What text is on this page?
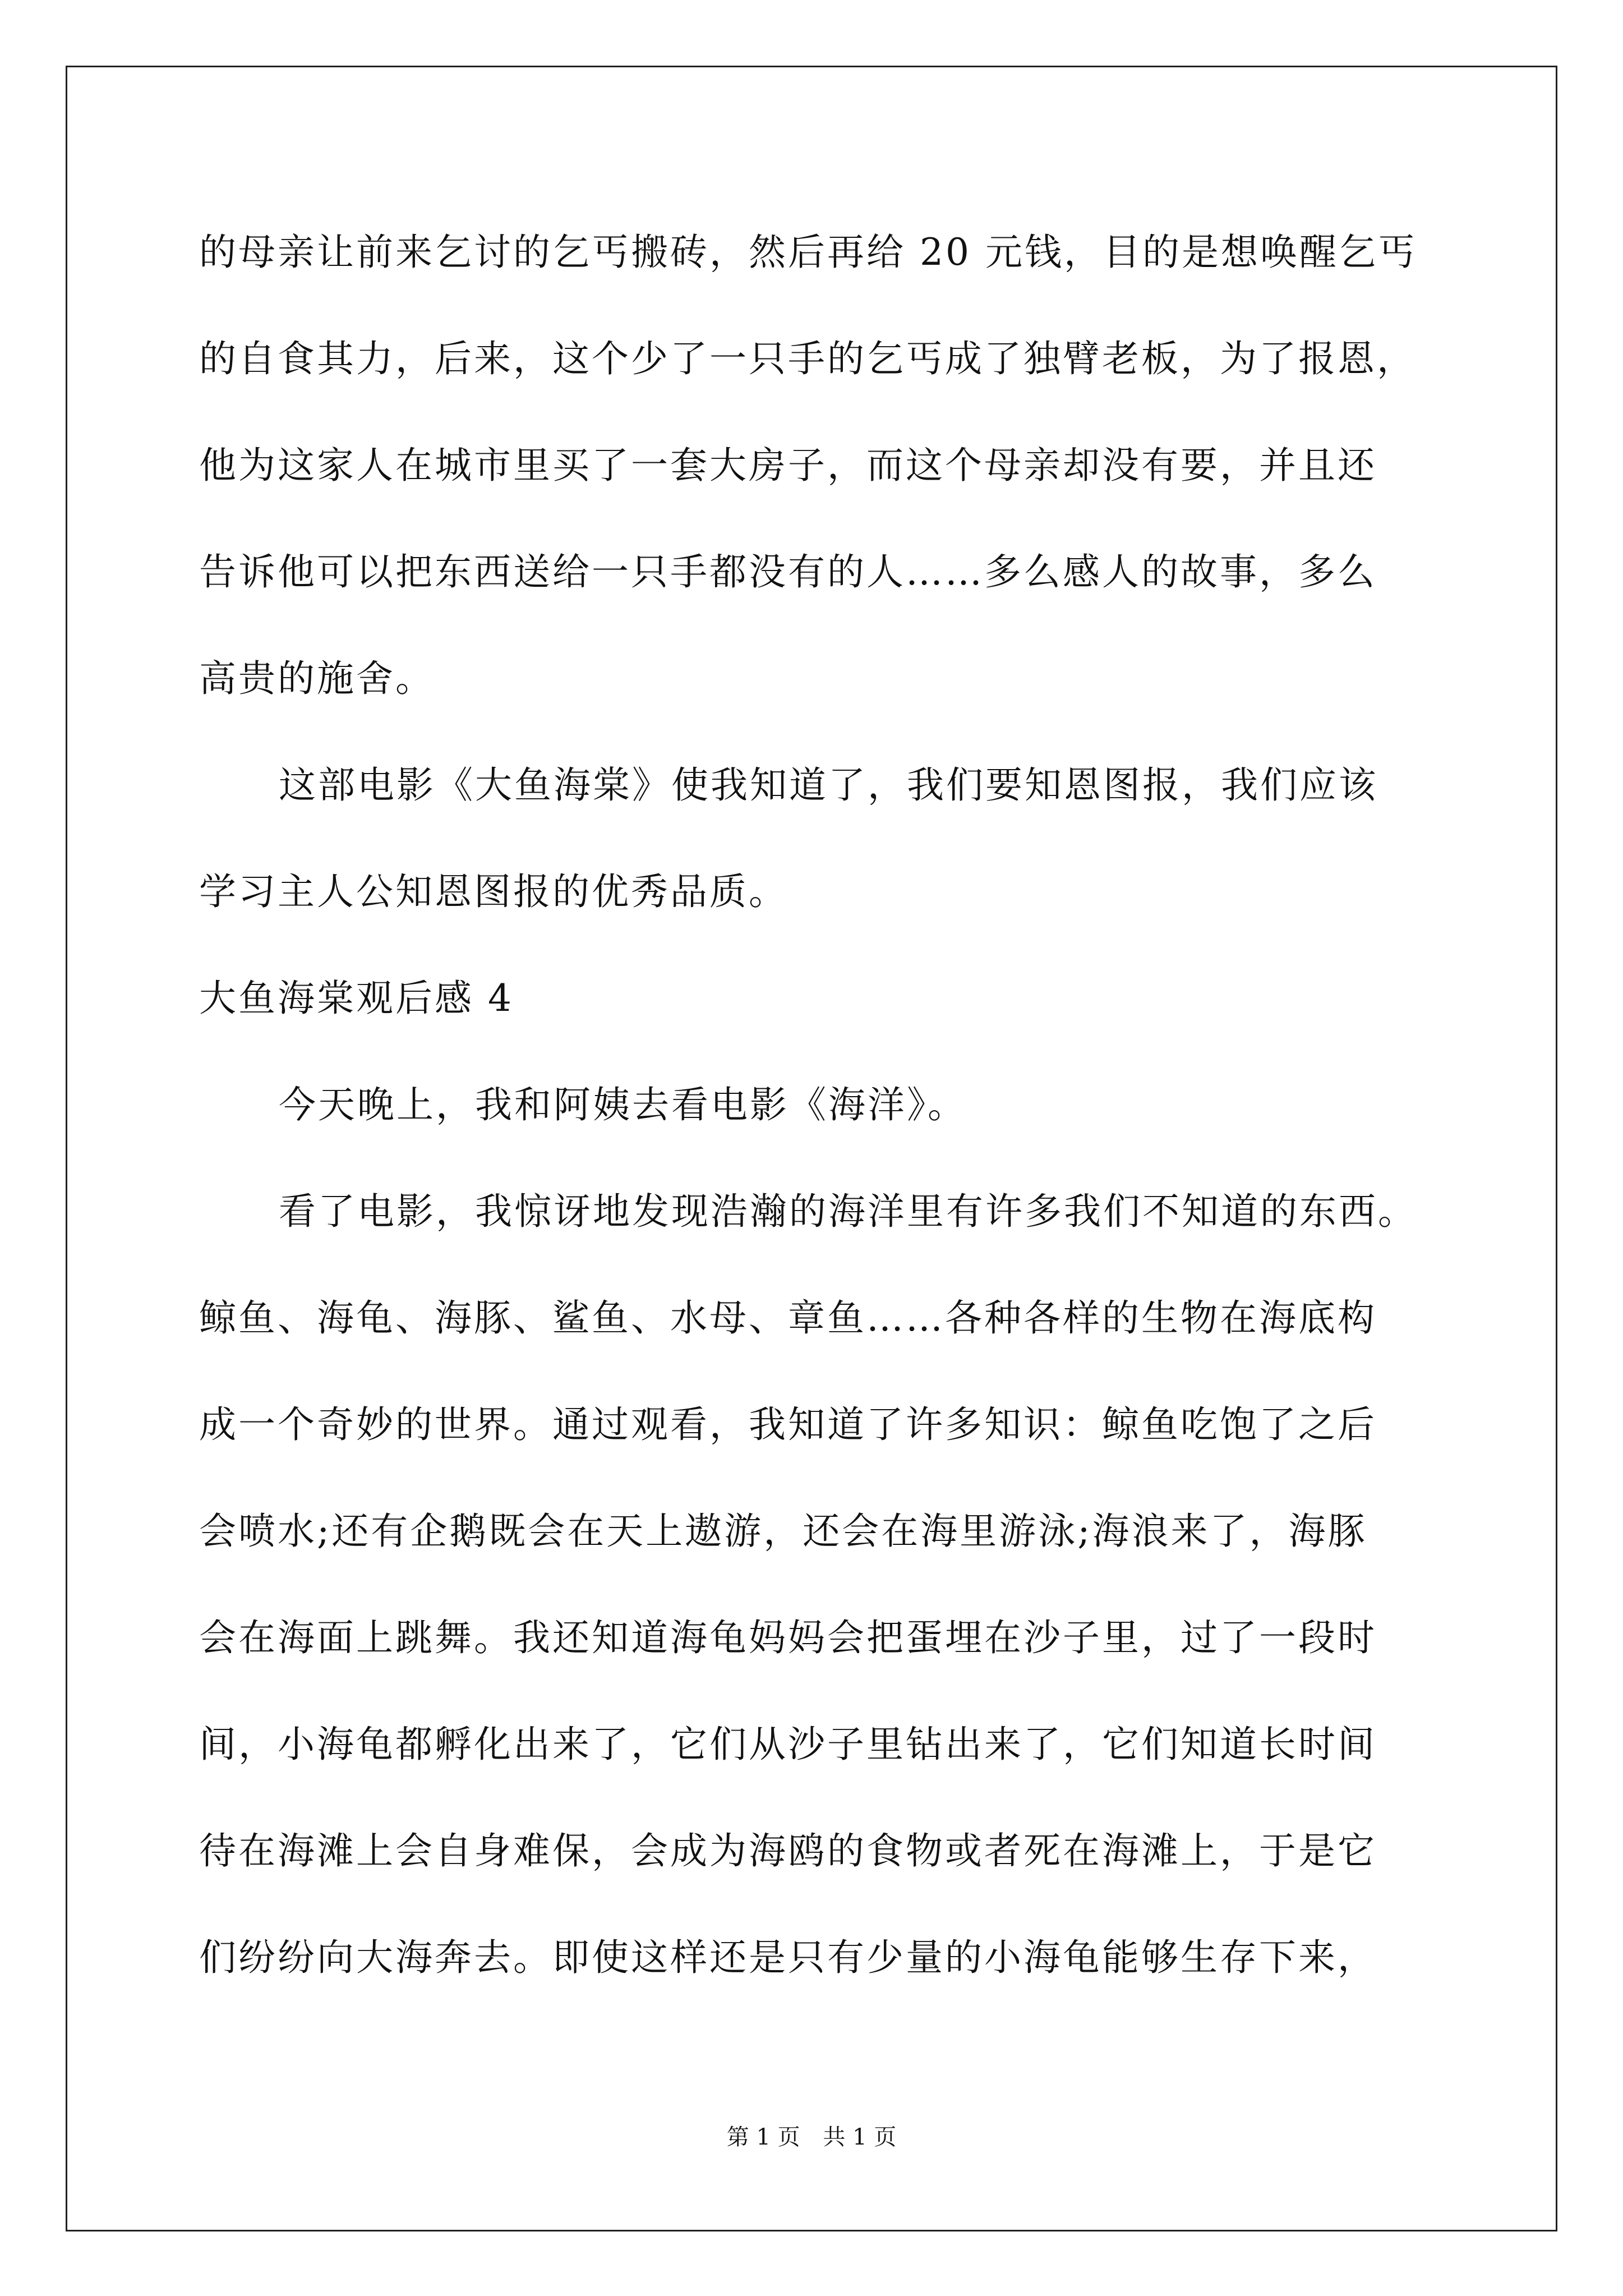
的母亲让前来乞讨的乞丐搬砖，然后再给 20 元钱，目的是想唤醒乞丐
的自食其力，后来，这个少了一只手的乞丐成了独臂老板，为了报恩，
他为这家人在城市里买了一套大房子，而这个母亲却没有要，并且还
告诉他可以把东西送给一只手都没有的人……多么感人的故事，多么
高贵的施舍。
这部电影《大鱼海棠》使我知道了，我们要知恩图报，我们应该
学习主人公知恩图报的优秀品质。
大鱼海棠观后感 4
今天晚上，我和阿姨去看电影《海洋》。
看了电影，我惊讶地发现浩瀚的海洋里有许多我们不知道的东西。
鲸鱼、海龟、海豚、鲨鱼、水母、章鱼……各种各样的生物在海底构
成一个奇妙的世界。通过观看，我知道了许多知识：鲸鱼吃饱了之后
会喷水;还有企鹅既会在天上遨游，还会在海里游泳;海浪来了，海豚
会在海面上跳舞。我还知道海龟妈妈会把蛋埋在沙子里，过了一段时
间，小海龟都孵化出来了，它们从沙子里钻出来了，它们知道长时间
待在海滩上会自身难保，会成为海鸥的食物或者死在海滩上，于是它
们纷纷向大海奔去。即使这样还是只有少量的小海龟能够生存下来，
第 1 页 共 1 页
